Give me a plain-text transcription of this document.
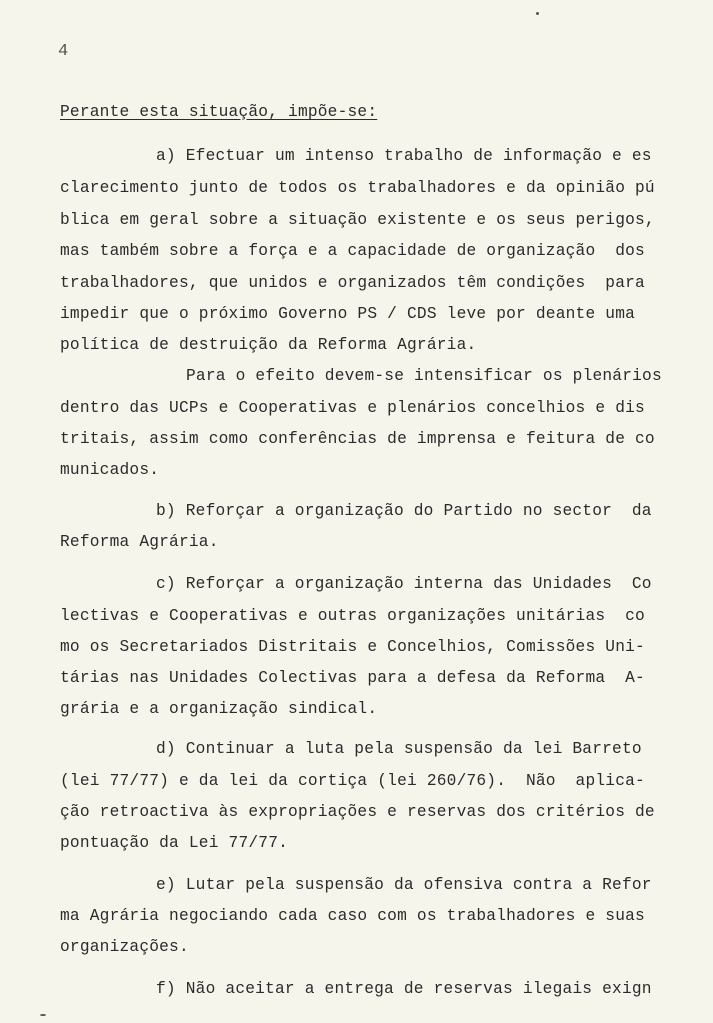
4
Perante esta situação, impõe-se:
a) Efectuar um intenso trabalho de informação e es
clarecimento junto de todos os trabalhadores e da opinião pú
blica em geral sobre a situação existente e os seus perigos,
mas também sobre a força e a capacidade de organização  dos
trabalhadores, que unidos e organizados têm condições  para
impedir que o próximo Governo PS / CDS leve por deante uma
política de destruição da Reforma Agrária.
Para o efeito devem-se intensificar os plenários
dentro das UCPs e Cooperativas e plenários concelhios e dis
tritais, assim como conferências de imprensa e feitura de co
municados.
b) Reforçar a organização do Partido no sector  da
Reforma Agrária.
c) Reforçar a organização interna das Unidades  Co
lectivas e Cooperativas e outras organizações unitárias  co
mo os Secretariados Distritais e Concelhios, Comissões Uni-
tárias nas Unidades Colectivas para a defesa da Reforma  A-
grária e a organização sindical.
d) Continuar a luta pela suspensão da lei Barreto
(lei 77/77) e da lei da cortiça (lei 260/76).  Não  aplica-
ção retroactiva às expropriações e reservas dos critérios de
pontuação da Lei 77/77.
e) Lutar pela suspensão da ofensiva contra a Refor
ma Agrária negociando cada caso com os trabalhadores e suas
organizações.
f) Não aceitar a entrega de reservas ilegais exign
